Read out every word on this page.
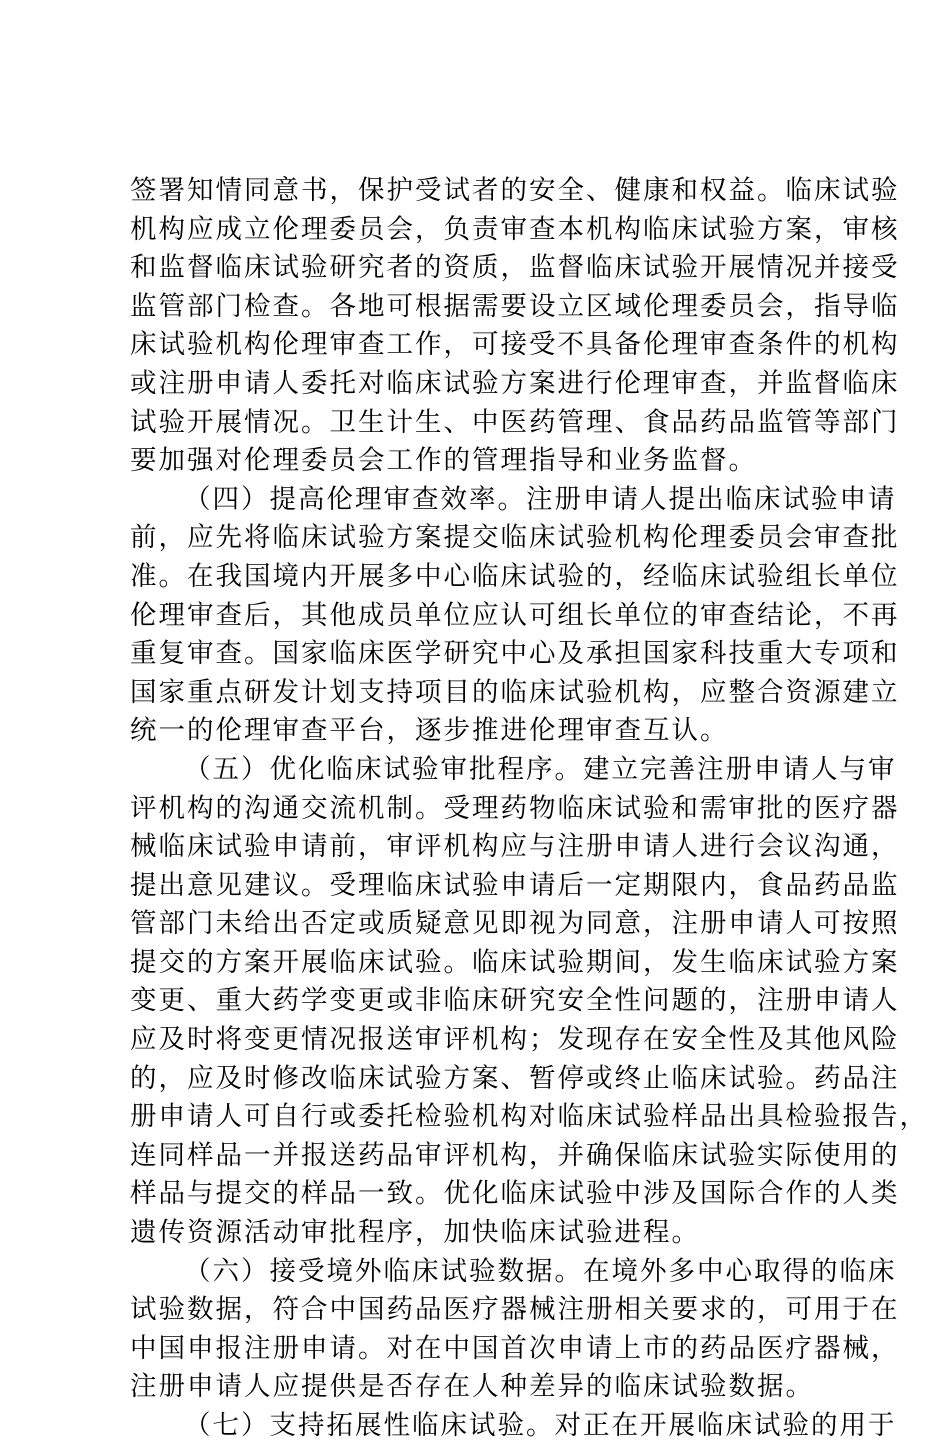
签署知情同意书，保护受试者的安全、健康和权益。临床试验
机构应成立伦理委员会，负责审查本机构临床试验方案，审核
和监督临床试验研究者的资质，监督临床试验开展情况并接受
监管部门检查。各地可根据需要设立区域伦理委员会，指导临
床试验机构伦理审查工作，可接受不具备伦理审查条件的机构
或注册申请人委托对临床试验方案进行伦理审查，并监督临床
试验开展情况。卫生计生、中医药管理、食品药品监管等部门
要加强对伦理委员会工作的管理指导和业务监督。
（四）提高伦理审查效率。注册申请人提出临床试验申请
前，应先将临床试验方案提交临床试验机构伦理委员会审查批
准。在我国境内开展多中心临床试验的，经临床试验组长单位
伦理审查后，其他成员单位应认可组长单位的审查结论，不再
重复审查。国家临床医学研究中心及承担国家科技重大专项和
国家重点研发计划支持项目的临床试验机构，应整合资源建立
统一的伦理审查平台，逐步推进伦理审查互认。
（五）优化临床试验审批程序。建立完善注册申请人与审
评机构的沟通交流机制。受理药物临床试验和需审批的医疗器
械临床试验申请前，审评机构应与注册申请人进行会议沟通，
提出意见建议。受理临床试验申请后一定期限内，食品药品监
管部门未给出否定或质疑意见即视为同意，注册申请人可按照
提交的方案开展临床试验。临床试验期间，发生临床试验方案
变更、重大药学变更或非临床研究安全性问题的，注册申请人
应及时将变更情况报送审评机构；发现存在安全性及其他风险
的，应及时修改临床试验方案、暂停或终止临床试验。药品注
册申请人可自行或委托检验机构对临床试验样品出具检验报告，
连同样品一并报送药品审评机构，并确保临床试验实际使用的
样品与提交的样品一致。优化临床试验中涉及国际合作的人类
遗传资源活动审批程序，加快临床试验进程。
（六）接受境外临床试验数据。在境外多中心取得的临床
试验数据，符合中国药品医疗器械注册相关要求的，可用于在
中国申报注册申请。对在中国首次申请上市的药品医疗器械，
注册申请人应提供是否存在人种差异的临床试验数据。
（七）支持拓展性临床试验。对正在开展临床试验的用于
